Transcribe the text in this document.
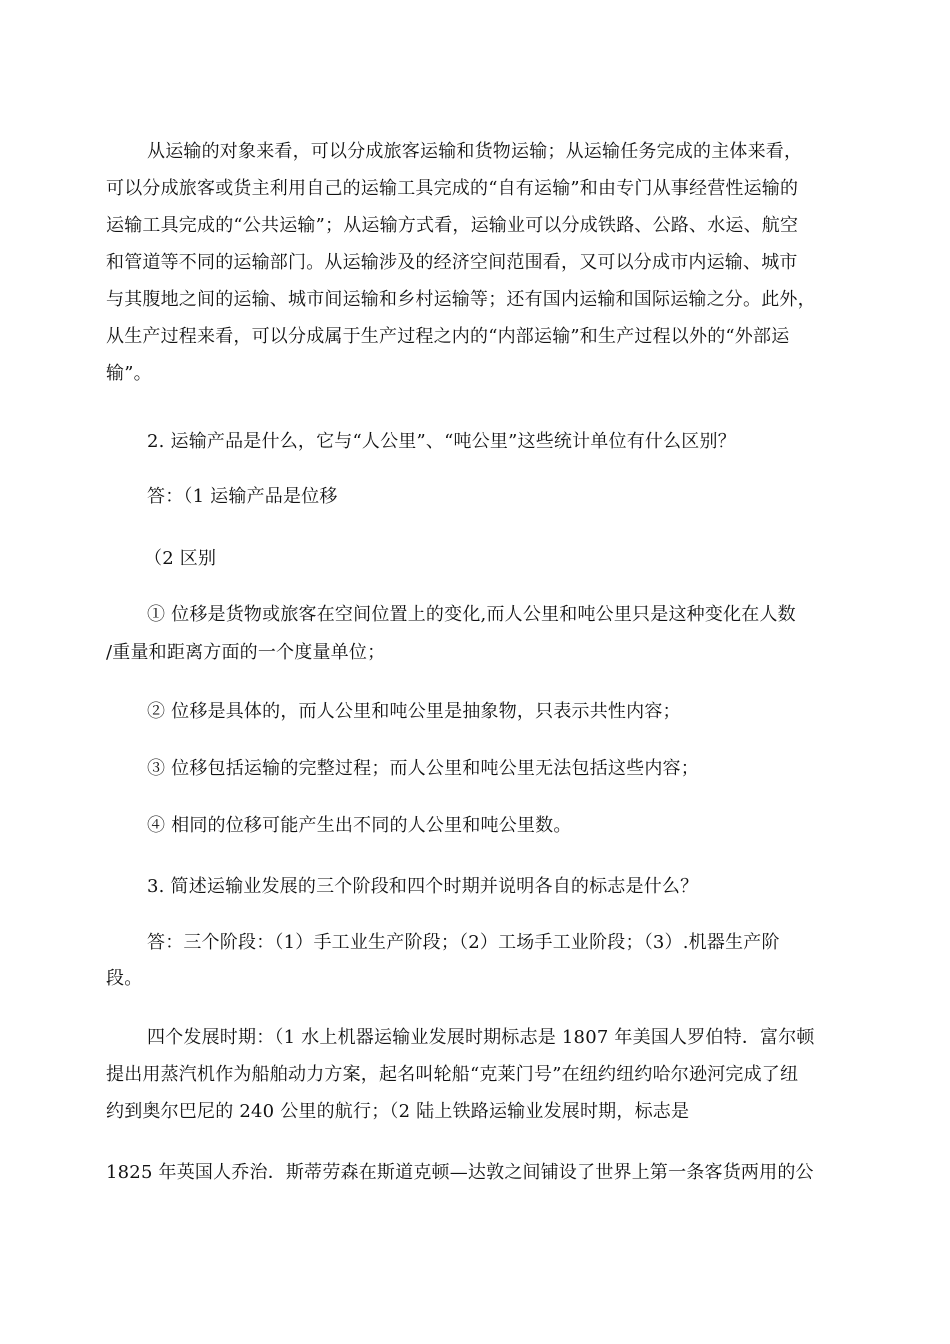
从运输的对象来看，可以分成旅客运输和货物运输；从运输任务完成的主体来看，
可以分成旅客或货主利用自己的运输工具完成的“自有运输”和由专门从事经营性运输的
运输工具完成的“公共运输”；从运输方式看，运输业可以分成铁路、公路、水运、航空
和管道等不同的运输部门。从运输涉及的经济空间范围看，又可以分成市内运输、城市
与其腹地之间的运输、城市间运输和乡村运输等；还有国内运输和国际运输之分。此外，
从生产过程来看，可以分成属于生产过程之内的“内部运输”和生产过程以外的“外部运
输”。
2. 运输产品是什么，它与“人公里”、“吨公里”这些统计单位有什么区别？
答：（1 运输产品是位移
（2 区别
① 位移是货物或旅客在空间位置上的变化,而人公里和吨公里只是这种变化在人数
/重量和距离方面的一个度量单位；
② 位移是具体的，而人公里和吨公里是抽象物，只表示共性内容；
③ 位移包括运输的完整过程；而人公里和吨公里无法包括这些内容；
④ 相同的位移可能产生出不同的人公里和吨公里数。
3. 简述运输业发展的三个阶段和四个时期并说明各自的标志是什么？
答：三个阶段：（1）手工业生产阶段；（2）工场手工业阶段；（3）.机器生产阶
段。
四个发展时期：（1 水上机器运输业发展时期标志是 1807 年美国人罗伯特．富尔顿
提出用蒸汽机作为船舶动力方案，起名叫轮船“克莱门号”在纽约纽约哈尔逊河完成了纽
约到奥尔巴尼的 240 公里的航行；（2 陆上铁路运输业发展时期，标志是
1825 年英国人乔治．斯蒂劳森在斯道克顿—达敦之间铺设了世界上第一条客货两用的公
